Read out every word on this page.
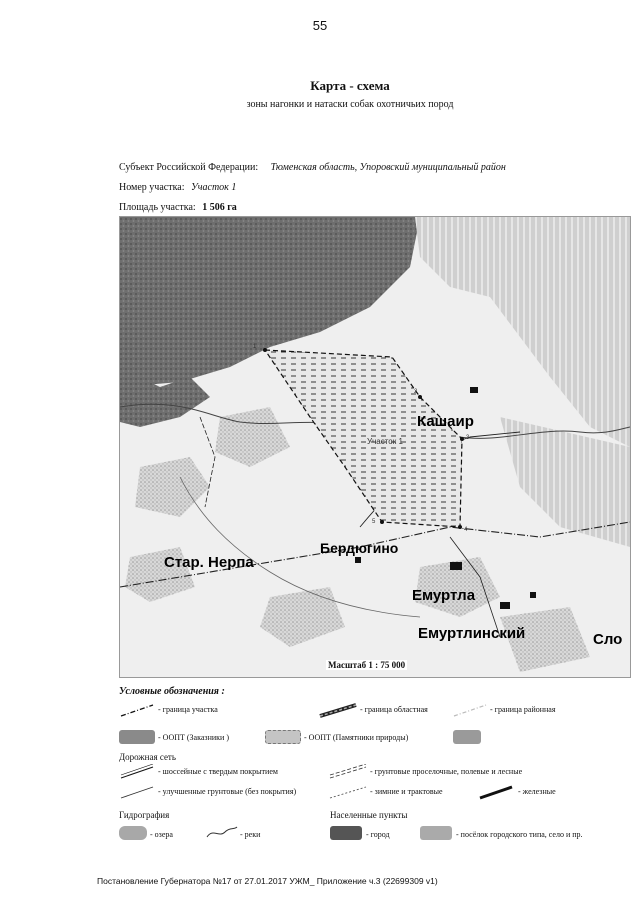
55
Карта - схема
зоны нагонки и натаски собак охотничьих пород
Субъект Российской Федерации: Тюменская область, Упоровский муниципальный район
Номер участка: Участок 1
Площадь участка: 1 506 га
1
2
3
4
5
Участок 1
Кашаир
Бердюгино
Стар. Нерпа
Емуртла
Емуртлинский	Сло
Масштаб 1 : 75 000
Условные обозначения :
- граница участка	- граница областная	- граница районная
- ООПТ (Заказники )	- ООПТ (Памятники природы)
Дорожная сеть
- шоссейные с твердым покрытием	- грунтовые проселочные, полевые и лесные
- улучшенные грунтовые (без покрытия)	- зимние и трактовые	- железные
Гидрография	Населенные пункты
- озера	- реки	- город	- посёлок городского типа, село и пр.
Постановление Губернатора №17 от 27.01.2017 УЖМ_ Приложение ч.3 (22699309 v1)
